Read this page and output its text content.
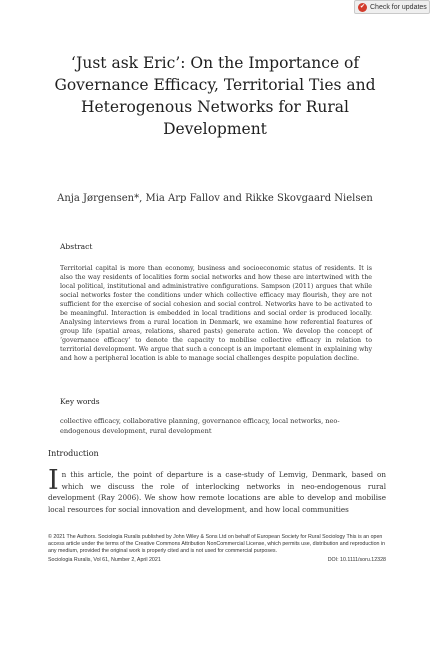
✔ Check for updates
‘Just ask Eric’: On the Importance of Governance Efficacy, Territorial Ties and Heterogenous Networks for Rural Development
Anja Jørgensen*, Mia Arp Fallov and Rikke Skovgaard Nielsen
Abstract

Territorial capital is more than economy, business and socioeconomic status of residents. It is also the way residents of localities form social networks and how these are intertwined with the local political, institutional and administrative configurations. Sampson (2011) argues that while social networks foster the conditions under which collective efficacy may flourish, they are not sufficient for the exercise of social cohesion and social control. Networks have to be activated to be meaningful. Interaction is embedded in local traditions and social order is produced locally. Analysing interviews from a rural location in Denmark, we examine how referential features of group life (spatial areas, relations, shared pasts) generate action. We develop the concept of ‘governance efficacy’ to denote the capacity to mobilise collective efficacy in relation to territorial development. We argue that such a concept is an important element in explaining why and how a peripheral location is able to manage social challenges despite population decline.

Key words

collective efficacy, collaborative planning, governance efficacy, local networks, neo-endogenous development, rural development

Introduction

In this article, the point of departure is a case-study of Lemvig, Denmark, based on which we discuss the role of interlocking networks in neo-endogenous rural development (Ray 2006). We show how remote locations are able to develop and mobilise local resources for social innovation and development, and how local communities

© 2021 The Authors. Sociologia Ruralis published by John Wiley & Sons Ltd on behalf of European Society for Rural Sociology This is an open access article under the terms of the Creative Commons Attribution NonCommercial License, which permits use, distribution and reproduction in any medium, provided the original work is properly cited and is not used for commercial purposes.

Sociologia Ruralis, Vol 61, Number 2, April 2021	DOI: 10.1111/soru.12328
